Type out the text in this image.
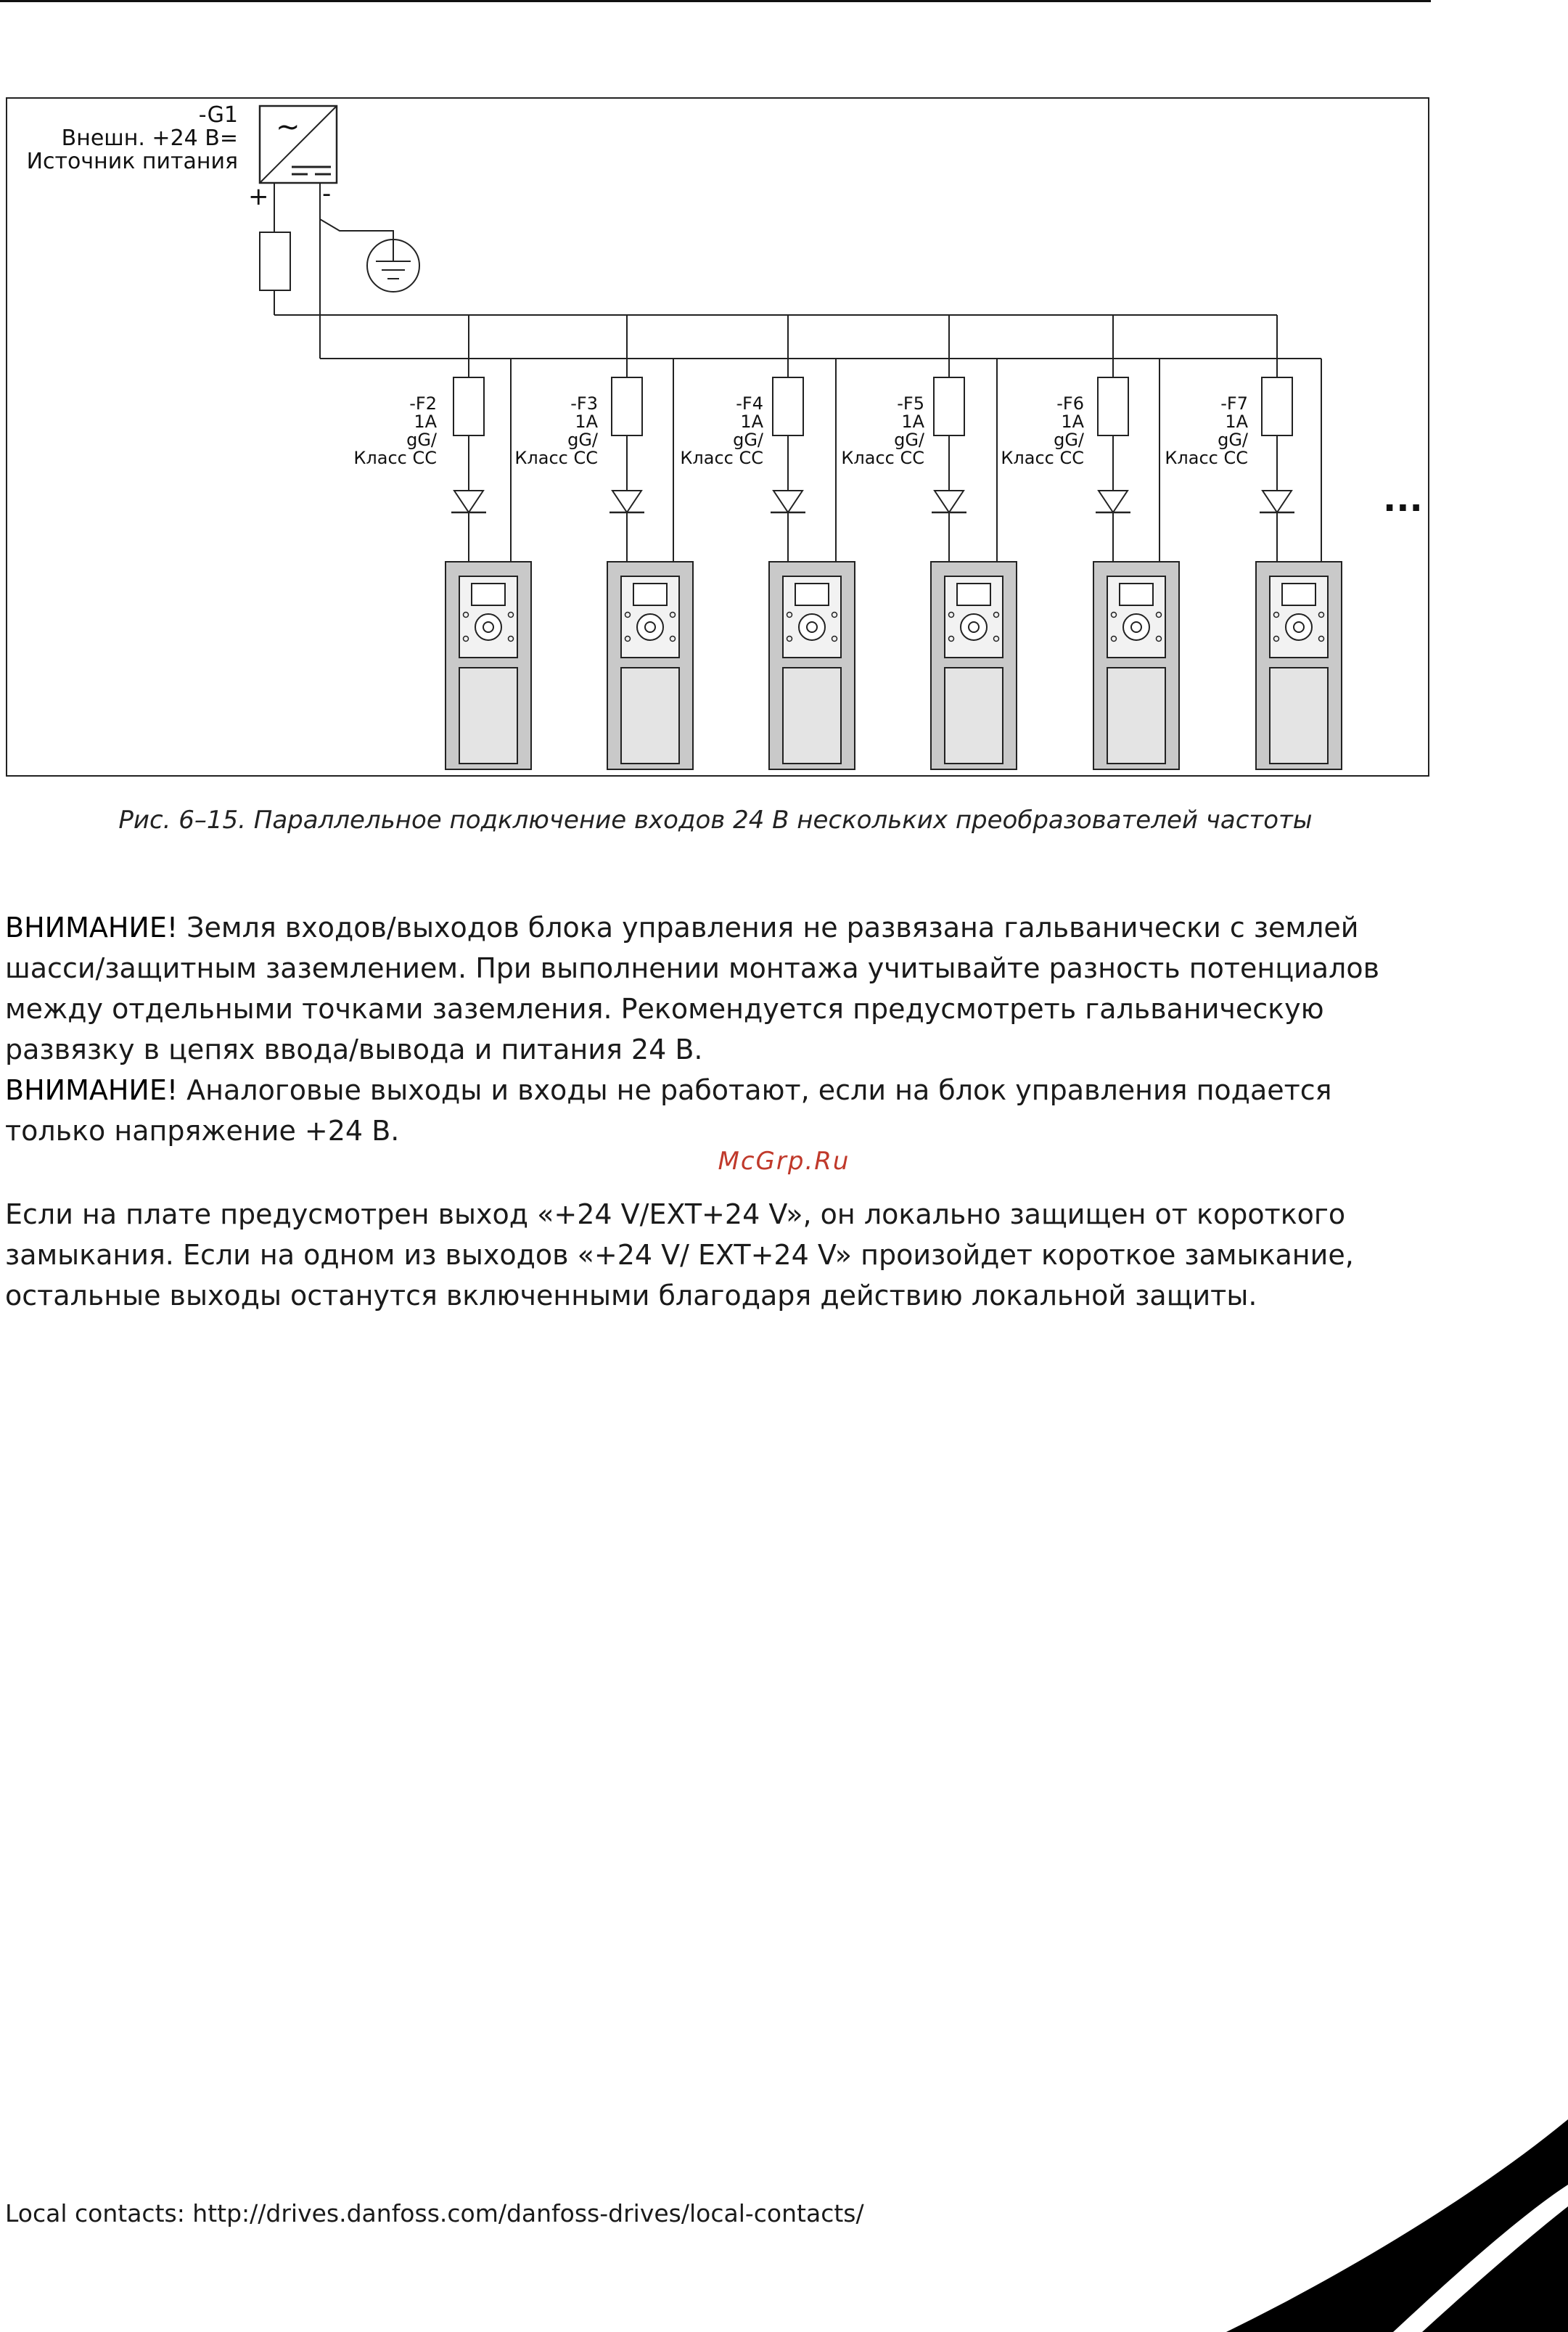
-G1
Внешн. +24 В=
Источник питания
~
+ -
-F2
1A
gG/
Класс CC
-F3
1A
gG/
Класс CC
-F4
1A
gG/
Класс CC
-F5
1A
gG/
Класс CC
-F6
1A
gG/
Класс CC
-F7
1A
gG/
Класс CC
...
Рис. 6–15. Параллельное подключение входов 24 В нескольких преобразователей частоты

ВНИМАНИЕ! Земля входов/выходов блока управления не развязана гальванически с землей шасси/защитным заземлением. При выполнении монтажа учитывайте разность потенциалов между отдельными точками заземления. Рекомендуется предусмотреть гальваническую развязку в цепях ввода/вывода и питания 24 В.

ВНИМАНИЕ! Аналоговые выходы и входы не работают, если на блок управления подается только напряжение +24 В.

McGrp.Ru

Если на плате предусмотрен выход «+24 V/EXT+24 V», он локально защищен от короткого замыкания. Если на одном из выходов «+24 V/ EXT+24 V» произойдет короткое замыкание, остальные выходы останутся включенными благодаря действию локальной защиты.

Local contacts: http://drives.danfoss.com/danfoss-drives/local-contacts/
